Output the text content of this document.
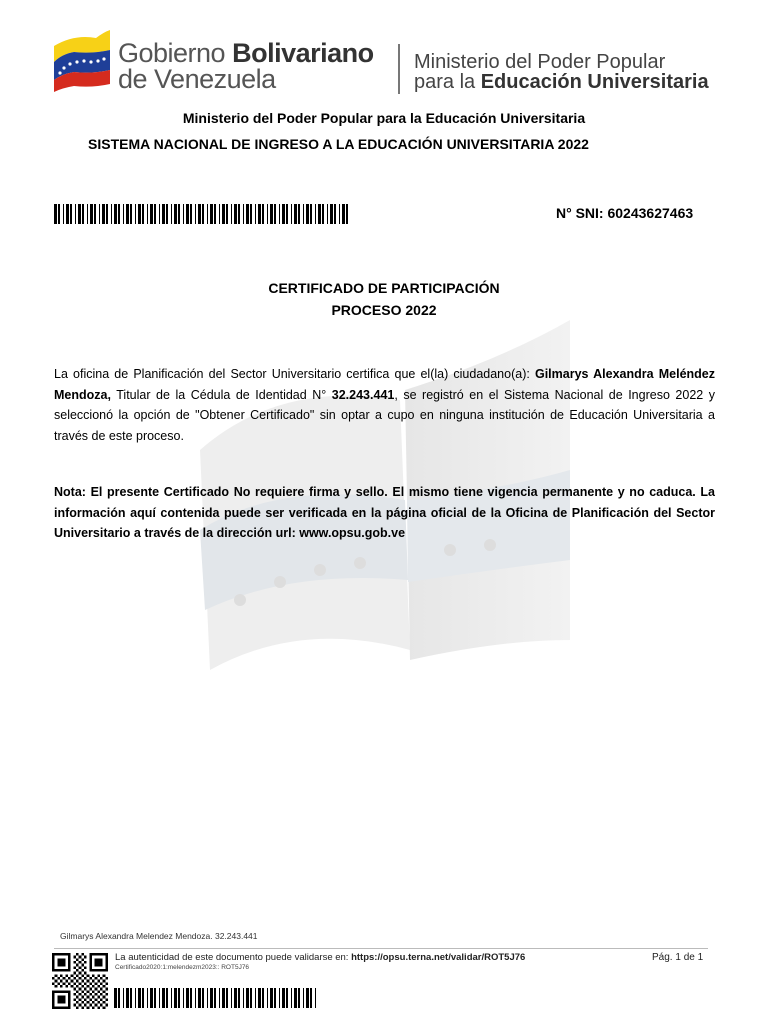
Gobierno Bolivariano
de Venezuela
Ministerio del Poder Popular
para la Educación Universitaria
Ministerio del Poder Popular para la Educación Universitaria
SISTEMA NACIONAL DE INGRESO A LA EDUCACIÓN UNIVERSITARIA 2022
N° SNI: 60243627463
CERTIFICADO DE PARTICIPACIÓN
PROCESO 2022
La oficina de Planificación del Sector Universitario certifica que el(la) ciudadano(a): Gilmarys Alexandra Meléndez Mendoza, Titular de la Cédula de Identidad N° 32.243.441, se registró en el Sistema Nacional de Ingreso 2022 y seleccionó la opción de "Obtener Certificado" sin optar a cupo en ninguna institución de Educación Universitaria a través de este proceso.
Nota: El presente Certificado No requiere firma y sello. El mismo tiene vigencia permanente y no caduca. La información aquí contenida puede ser verificada en la página oficial de la Oficina de Planificación del Sector Universitario a través de la dirección url: www.opsu.gob.ve
Gilmarys Alexandra Melendez Mendoza. 32.243.441
La autenticidad de este documento puede validarse en: https://opsu.terna.net/validar/ROT5J76
Certificado2020:1:melendezm2023:: ROT5J76
Pág. 1 de 1
